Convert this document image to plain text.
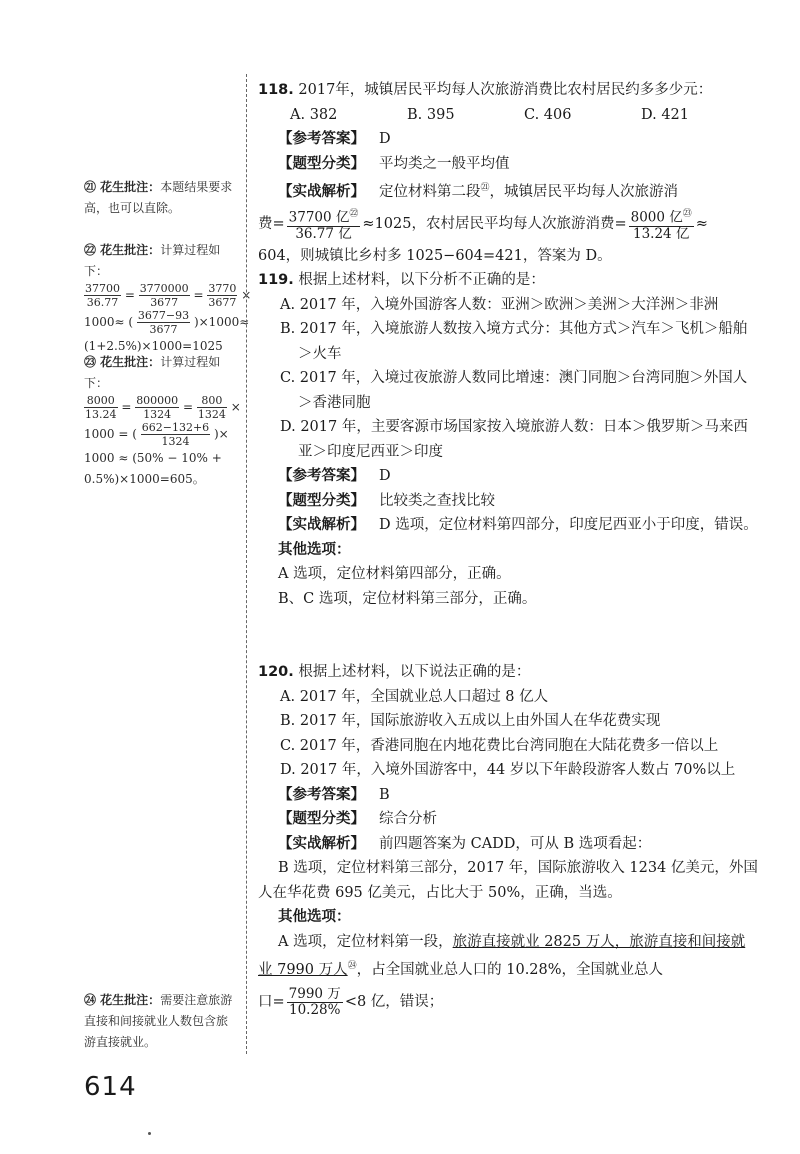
㉑ 花生批注：本题结果要求高，也可以直除。
㉒ 花生批注：计算过程如下：
$\frac{37700}{36.77} = \frac{3770000}{3677} = \frac{3770}{3677}$ ×
1000≈ ( $\frac{3677-93}{3677} )\times 1000\approx$
(1+2.5%)×1000=1025
㉓ 花生批注：计算过程如下：
$\frac{8000}{13.24} = \frac{800000}{1324} = \frac{800}{1324}$ ×
1000 = ( $\frac{662-132+6}{1324}$ )×
1000 ≈ (50% − 10% +
0.5%)×1000=605。
㉔ 花生批注：需要注意旅游直接和间接就业人数包含旅游直接就业。
118. 2017年，城镇居民平均每人次旅游消费比农村居民约多多少元：
A. 382	B. 395	C. 406	D. 421
【参考答案】 D
【题型分类】 平均类之一般平均值
【实战解析】 定位材料第二段$^㉑$，城镇居民平均每人次旅游消
费= $\frac{37700 亿^㉒}{\text{36.77 亿}} \approx 1025$，农村居民平均每人次旅游消费= $\frac{8000 亿^㉓}{\text{13.24 亿}}$ ≈
604，则城镇比乡村多 1025−604=421，答案为 D。
119. 根据上述材料，以下分析不正确的是：
A. 2017 年，入境外国游客人数：亚洲＞欧洲＞美洲＞大洋洲＞非洲
B. 2017 年，入境旅游人数按入境方式分：其他方式＞汽车＞飞机＞船舶＞火车
C. 2017 年，入境过夜旅游人数同比增速：澳门同胞＞台湾同胞＞外国人＞香港同胞
D. 2017 年，主要客源市场国家按入境旅游人数：日本＞俄罗斯＞马来西亚＞印度尼西亚＞印度
【参考答案】 D
【题型分类】 比较类之查找比较
【实战解析】 D 选项，定位材料第四部分，印度尼西亚小于印度，错误。
其他选项：
A 选项，定位材料第四部分，正确。
B、C 选项，定位材料第三部分，正确。
120. 根据上述材料，以下说法正确的是：
A. 2017 年，全国就业总人口超过 8 亿人
B. 2017 年，国际旅游收入五成以上由外国人在华花费实现
C. 2017 年，香港同胞在内地花费比台湾同胞在大陆花费多一倍以上
D. 2017 年，入境外国游客中，44 岁以下年龄段游客人数占 70%以上
【参考答案】 B
【题型分类】 综合分析
【实战解析】 前四题答案为 CADD，可从 B 选项看起：
B 选项，定位材料第三部分，2017 年，国际旅游收入 1234 亿美元，外国人在华花费 695 亿美元，占比大于 50%，正确，当选。
其他选项：
A 选项，定位材料第一段，旅游直接就业 2825 万人，旅游直接和间接就业 7990 万人$^㉔$，占全国就业总人口的 10.28%，全国就业总人
口= $\frac{\text{7990 万}}{10.28\%} <8$ 亿，错误；
614
